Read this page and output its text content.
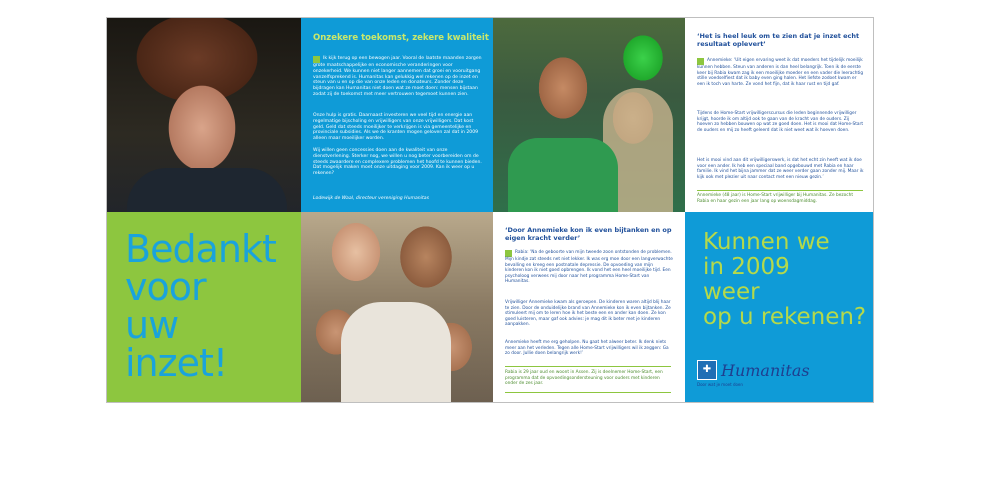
Onzekere toekomst, zekere kwaliteit
Ik kijk terug op een bewogen jaar. Vooral de laatste maanden zorgen grote maatschappelijke en economische veranderingen voor onzekerheid. We kunnen niet langer aannemen dat groei en vooruitgang vanzelfsprekend is. Humanitas kan gelukkig wel rekenen op de inzet en steun van u en op die van onze leden en donateurs. Zonder deze bijdragen kan Humanitas niet doen wat ze moet doen: mensen bijstaan zodat zij de toekomst met meer vertrouwen tegemoet kunnen zien.
Onze hulp is gratis. Daarnaast investeren we veel tijd en energie aan regelmatige bijscholing en vrijwilligers van onze vrijwilligers. Dat kost geld. Geld dat steeds moeilijker te verkrijgen is via gemeentelijke en provinciale subsidies. Als we de kranten mogen geloven zal dat in 2009 alleen maar moeilijker worden.
Wij willen geen concessies doen aan de kwaliteit van onze dienstverlening. Sterker nog, we willen u nog beter voorbereiden om de steeds zwaardere en complexere problemen het hoofd te kunnen bieden. Dat mogelijk maken moet onze uitdaging voor 2009. Kan ik weer op u rekenen?
Lodewijk de Waal, directeur vereniging Humanitas
‘Het is heel leuk om te zien dat je inzet echt resultaat oplevert’
Annemieke: ‘Uit eigen ervaring weet ik dat moeders het tijdelijk moeilijk kunnen hebben. Steun van anderen is dan heel belangrijk. Toen ik de eerste keer bij Rabia kwam zag ik een moeilijke moeder en een vader die leerachtig stille voedselfiest dat ik baby even ging halen. Het liefste zodoet kwam er een ik toch van harte. Ze vond het fijn, dat ik haar rust en tijd gaf.
Tijdens de Home-Start vrijwilligerscursus die leden beginnende vrijwilliger krijgt, hoorde ik om altijd ook te gaan van de kracht van de ouders. Zij hoeven zo hebben bouwen op wat ze goed doen. Het is mooi dat Home-Start de ouders en mij zo heeft geleerd dat ik niet weet wat ik hoeven doen.
Het is mooi vind aan dit vrijwilligerswerk, is dat het echt zin heeft wat ik doe voor een ander. Ik heb een speciaal band opgebouwd met Rabia en haar familie. Ik vind het bijna jammer dat ze weer verder gaan zonder mij. Maar ik kijk ook met plezier uit naar contact met een nieuw gezin.’
Annemieke (48 jaar) is Home-Start vrijwilliger bij Humanitas. Ze bezocht Rabia en haar gezin een jaar lang op woensdagmiddag.
Bedankt
voor
uw
inzet!
‘Door Annemieke kon ik even bijtanken en op eigen kracht verder’
Rabia: ‘Na de geboorte van mijn tweede zoon ontstonden de problemen. Mijn kindje zat steeds net niet lekker. Ik was erg moe door een langverwachte bevalling en kreeg een postnatale depressie. De opvoeding van mijn kinderen kon ik niet goed opbrengen. Ik vond het een heel moeilijke tijd. Een psycholoog verwees mij door naar het programma Home-Start van Humanitas.
Vrijwilliger Annemieke kwam als geroepen. De kinderen waren altijd blij haar te zien. Door de onduidelijke brand van Annemieke kon ik even bijtanken. Ze stimuleert mij om te leren hoe ik het beste een en ander kan doen. Ze kon goed luisteren, maar gaf ook advies: je mag dit ik beter met je kinderen aanpakken.
Annemieke heeft me erg geholpen. Nu gaat het alweer beter. Ik denk niets meer aan het verleden. Tegen alle Home-Start vrijwilligers wil ik zeggen: Ga zo door. Jullie doen belangrijk werk!’
Rabia is 29 jaar oud en woont in Assen. Zij is deelnemer Home-Start, een programma dat de opvoedingsondersteuning voor ouders met kinderen onder de zes jaar.
Kunnen we
in 2009
weer
op u rekenen?
✚ Humanitas
Door wat je moet doen
